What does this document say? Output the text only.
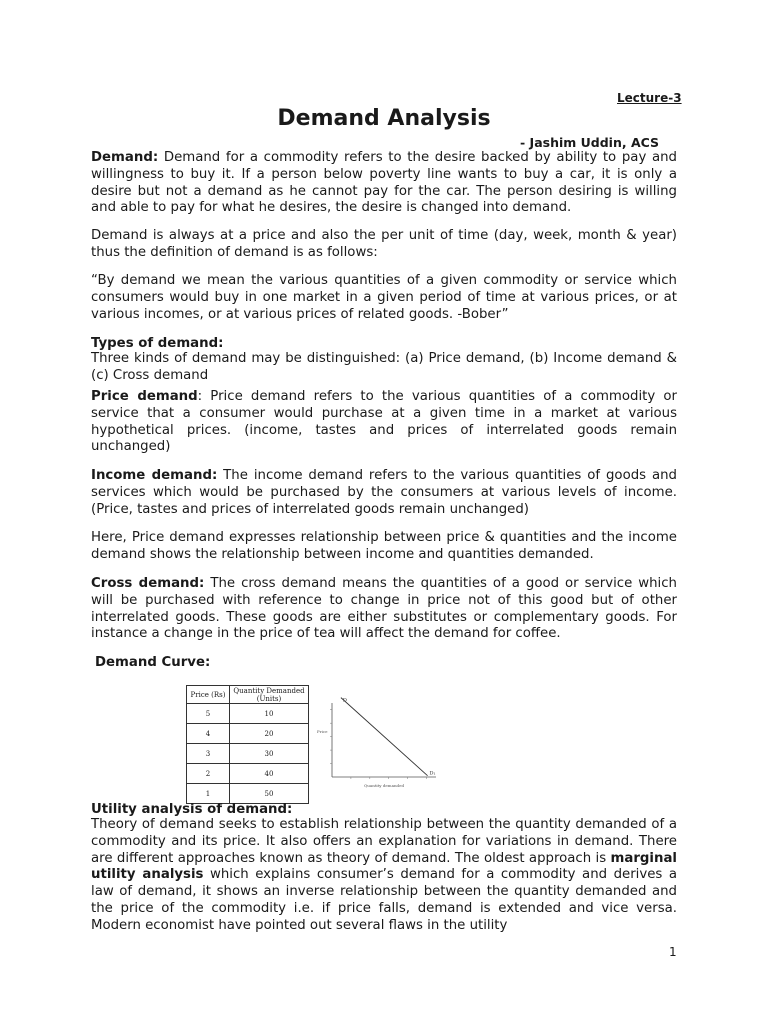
Lecture-3
Demand Analysis
- Jashim Uddin, ACS

Demand: Demand for a commodity refers to the desire backed by ability to pay and willingness to buy it. If a person below poverty line wants to buy a car, it is only a desire but not a demand as he cannot pay for the car. The person desiring is willing and able to pay for what he desires, the desire is changed into demand.

Demand is always at a price and also the per unit of time (day, week, month & year) thus the definition of demand is as follows:

“By demand we mean the various quantities of a given commodity or service which consumers would buy in one market in a given period of time at various prices, or at various incomes, or at various prices of related goods. -Bober”

Types of demand:

Three kinds of demand may be distinguished: (a) Price demand, (b) Income demand & (c) Cross demand

Price demand: Price demand refers to the various quantities of a commodity or service that a consumer would purchase at a given time in a market at various hypothetical prices. (income, tastes and prices of interrelated goods remain unchanged)

Income demand: The income demand refers to the various quantities of goods and services which would be purchased by the consumers at various levels of income. (Price, tastes and prices of interrelated goods remain unchanged)

Here, Price demand expresses relationship between price & quantities and the income demand shows the relationship between income and quantities demanded.

Cross demand: The cross demand means the quantities of a good or service which will be purchased with reference to change in price not of this good but of other interrelated goods. These goods are either substitutes or complementary goods. For instance a change in the price of tea will affect the demand for coffee.

Demand Curve:
Price (Rs)	Quantity Demanded (Units)
5	10
4	20
3	30
2	40
1	50
D
D₁
Price
Quantity demanded
Utility analysis of demand:

Theory of demand seeks to establish relationship between the quantity demanded of a commodity and its price. It also offers an explanation for variations in demand. There are different approaches known as theory of demand. The oldest approach is marginal utility analysis which explains consumer’s demand for a commodity and derives a law of demand, it shows an inverse relationship between the quantity demanded and the price of the commodity i.e. if price falls, demand is extended and vice versa. Modern economist have pointed out several flaws in the utility

1
